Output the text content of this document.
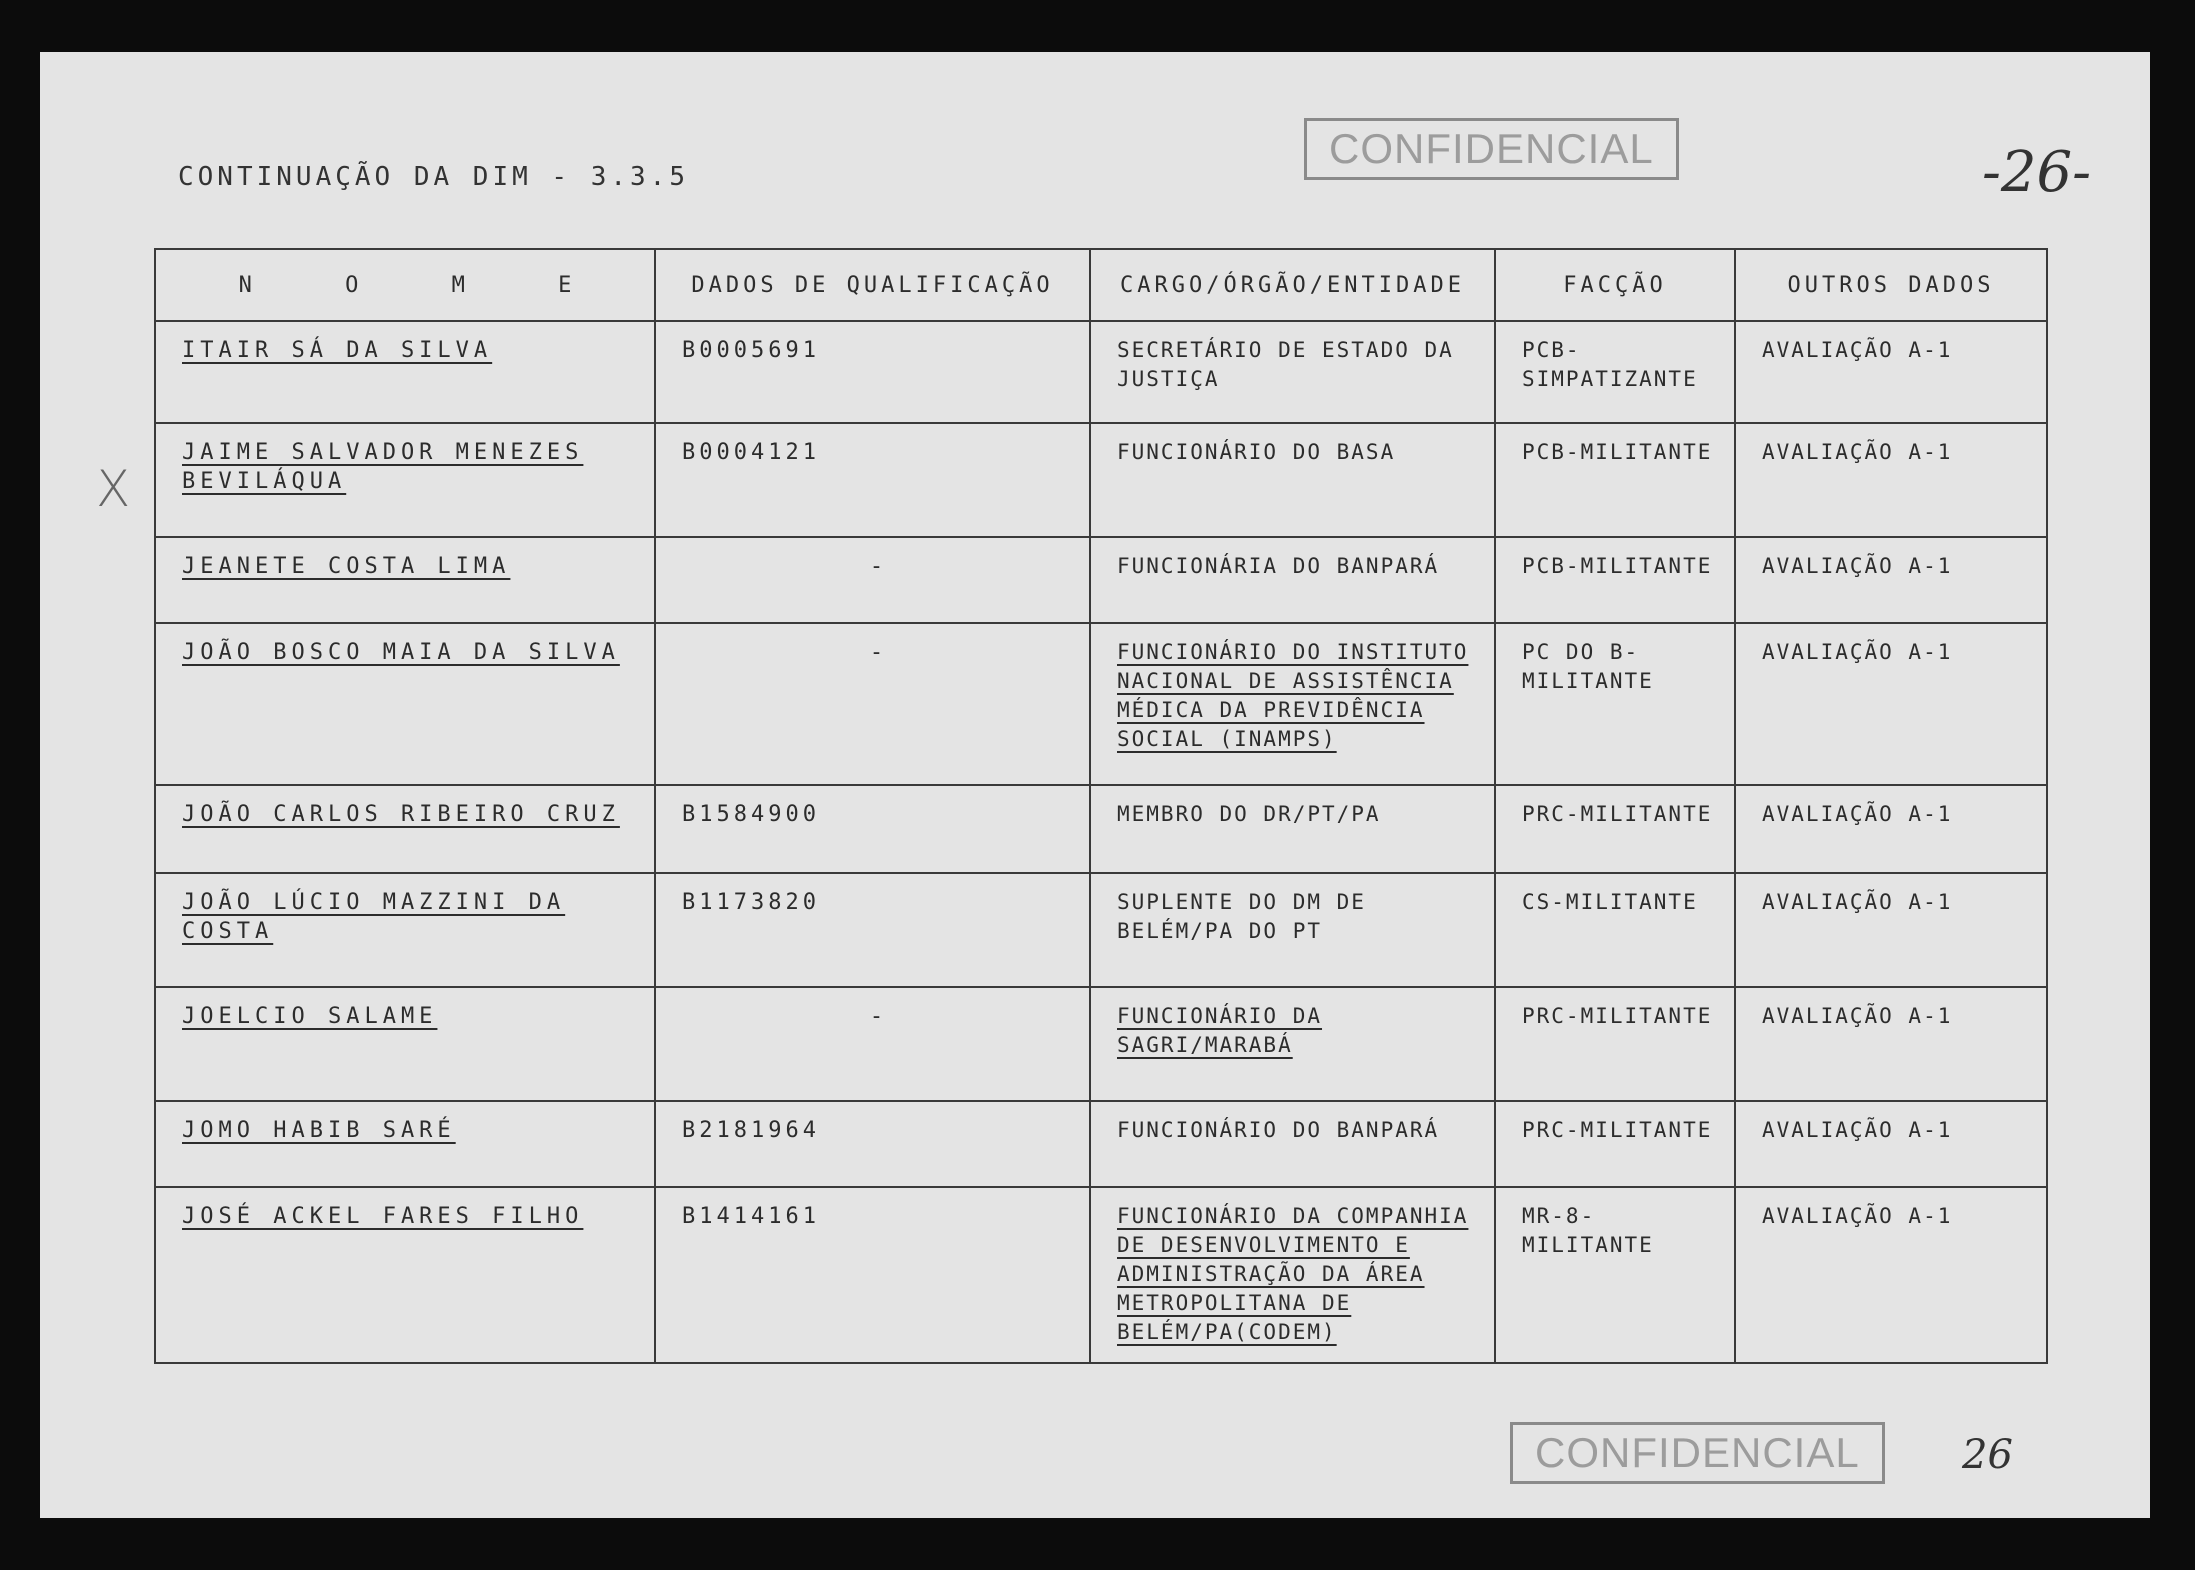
CONTINUAÇÃO DA DIM - 3.3.5
CONFIDENCIAL	-26-
X
N O M E	DADOS DE QUALIFICAÇÃO	CARGO/ÓRGÃO/ENTIDADE	FACÇÃO	OUTROS DADOS
ITAIR SÁ DA SILVA	B0005691	SECRETÁRIO DE ESTADO DA JUSTIÇA	PCB-SIMPATIZANTE	AVALIAÇÃO A-1
JAIME SALVADOR MENEZES BEVILÁQUA	B0004121	FUNCIONÁRIO DO BASA	PCB-MILITANTE	AVALIAÇÃO A-1
JEANETE COSTA LIMA	-	FUNCIONÁRIA DO BANPARÁ	PCB-MILITANTE	AVALIAÇÃO A-1
JOÃO BOSCO MAIA DA SILVA	-	FUNCIONÁRIO DO INSTITUTO NACIONAL DE ASSISTÊNCIA MÉDICA DA PREVIDÊNCIA SOCIAL (INAMPS)	PC DO B-MILITANTE	AVALIAÇÃO A-1
JOÃO CARLOS RIBEIRO CRUZ	B1584900	MEMBRO DO DR/PT/PA	PRC-MILITANTE	AVALIAÇÃO A-1
JOÃO LÚCIO MAZZINI DA COSTA	B1173820	SUPLENTE DO DM DE BELÉM/PA DO PT	CS-MILITANTE	AVALIAÇÃO A-1
JOELCIO SALAME	-	FUNCIONÁRIO DA SAGRI/MARABÁ	PRC-MILITANTE	AVALIAÇÃO A-1
JOMO HABIB SARÉ	B2181964	FUNCIONÁRIO DO BANPARÁ	PRC-MILITANTE	AVALIAÇÃO A-1
JOSÉ ACKEL FARES FILHO	B1414161	FUNCIONÁRIO DA COMPANHIA DE DESENVOLVIMENTO E ADMINISTRAÇÃO DA ÁREA METROPOLITANA DE BELÉM/PA(CODEM)	MR-8-MILITANTE	AVALIAÇÃO A-1
CONFIDENCIAL	26
